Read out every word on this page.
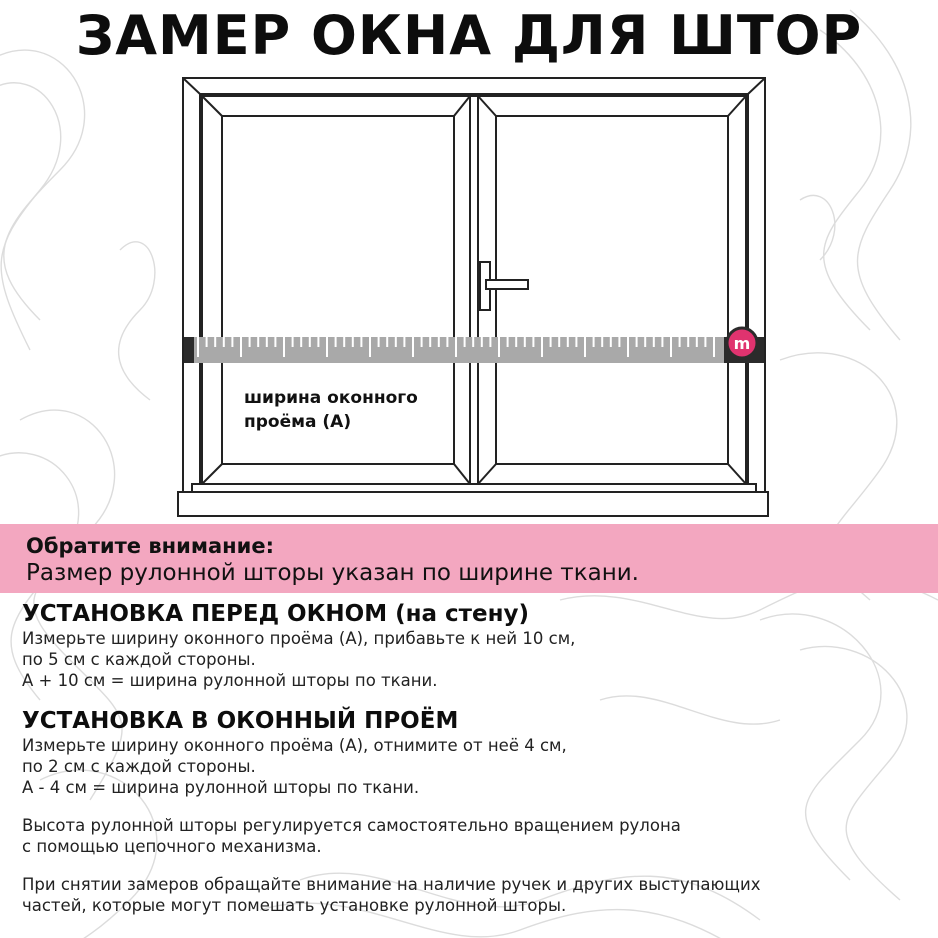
ЗАМЕР ОКНА ДЛЯ ШТОР
m
ширина оконного
проёма (А)
Обратите внимание:
Размер рулонной шторы указан по ширине ткани.
УСТАНОВКА ПЕРЕД ОКНОМ (на стену)

Измерьте ширину оконного проёма (А), прибавьте к ней 10 см,

по 5 см с каждой стороны.

А + 10 см = ширина рулонной шторы по ткани.

УСТАНОВКА В ОКОННЫЙ ПРОЁМ

Измерьте ширину оконного проёма (А), отнимите от неё 4 см,

по 2 см с каждой стороны.

А - 4 см = ширина рулонной шторы по ткани.

Высота рулонной шторы регулируется самостоятельно вращением рулона

с помощью цепочного механизма.

При снятии замеров обращайте внимание на наличие ручек и других выступающих

частей, которые могут помешать установке рулонной шторы.
